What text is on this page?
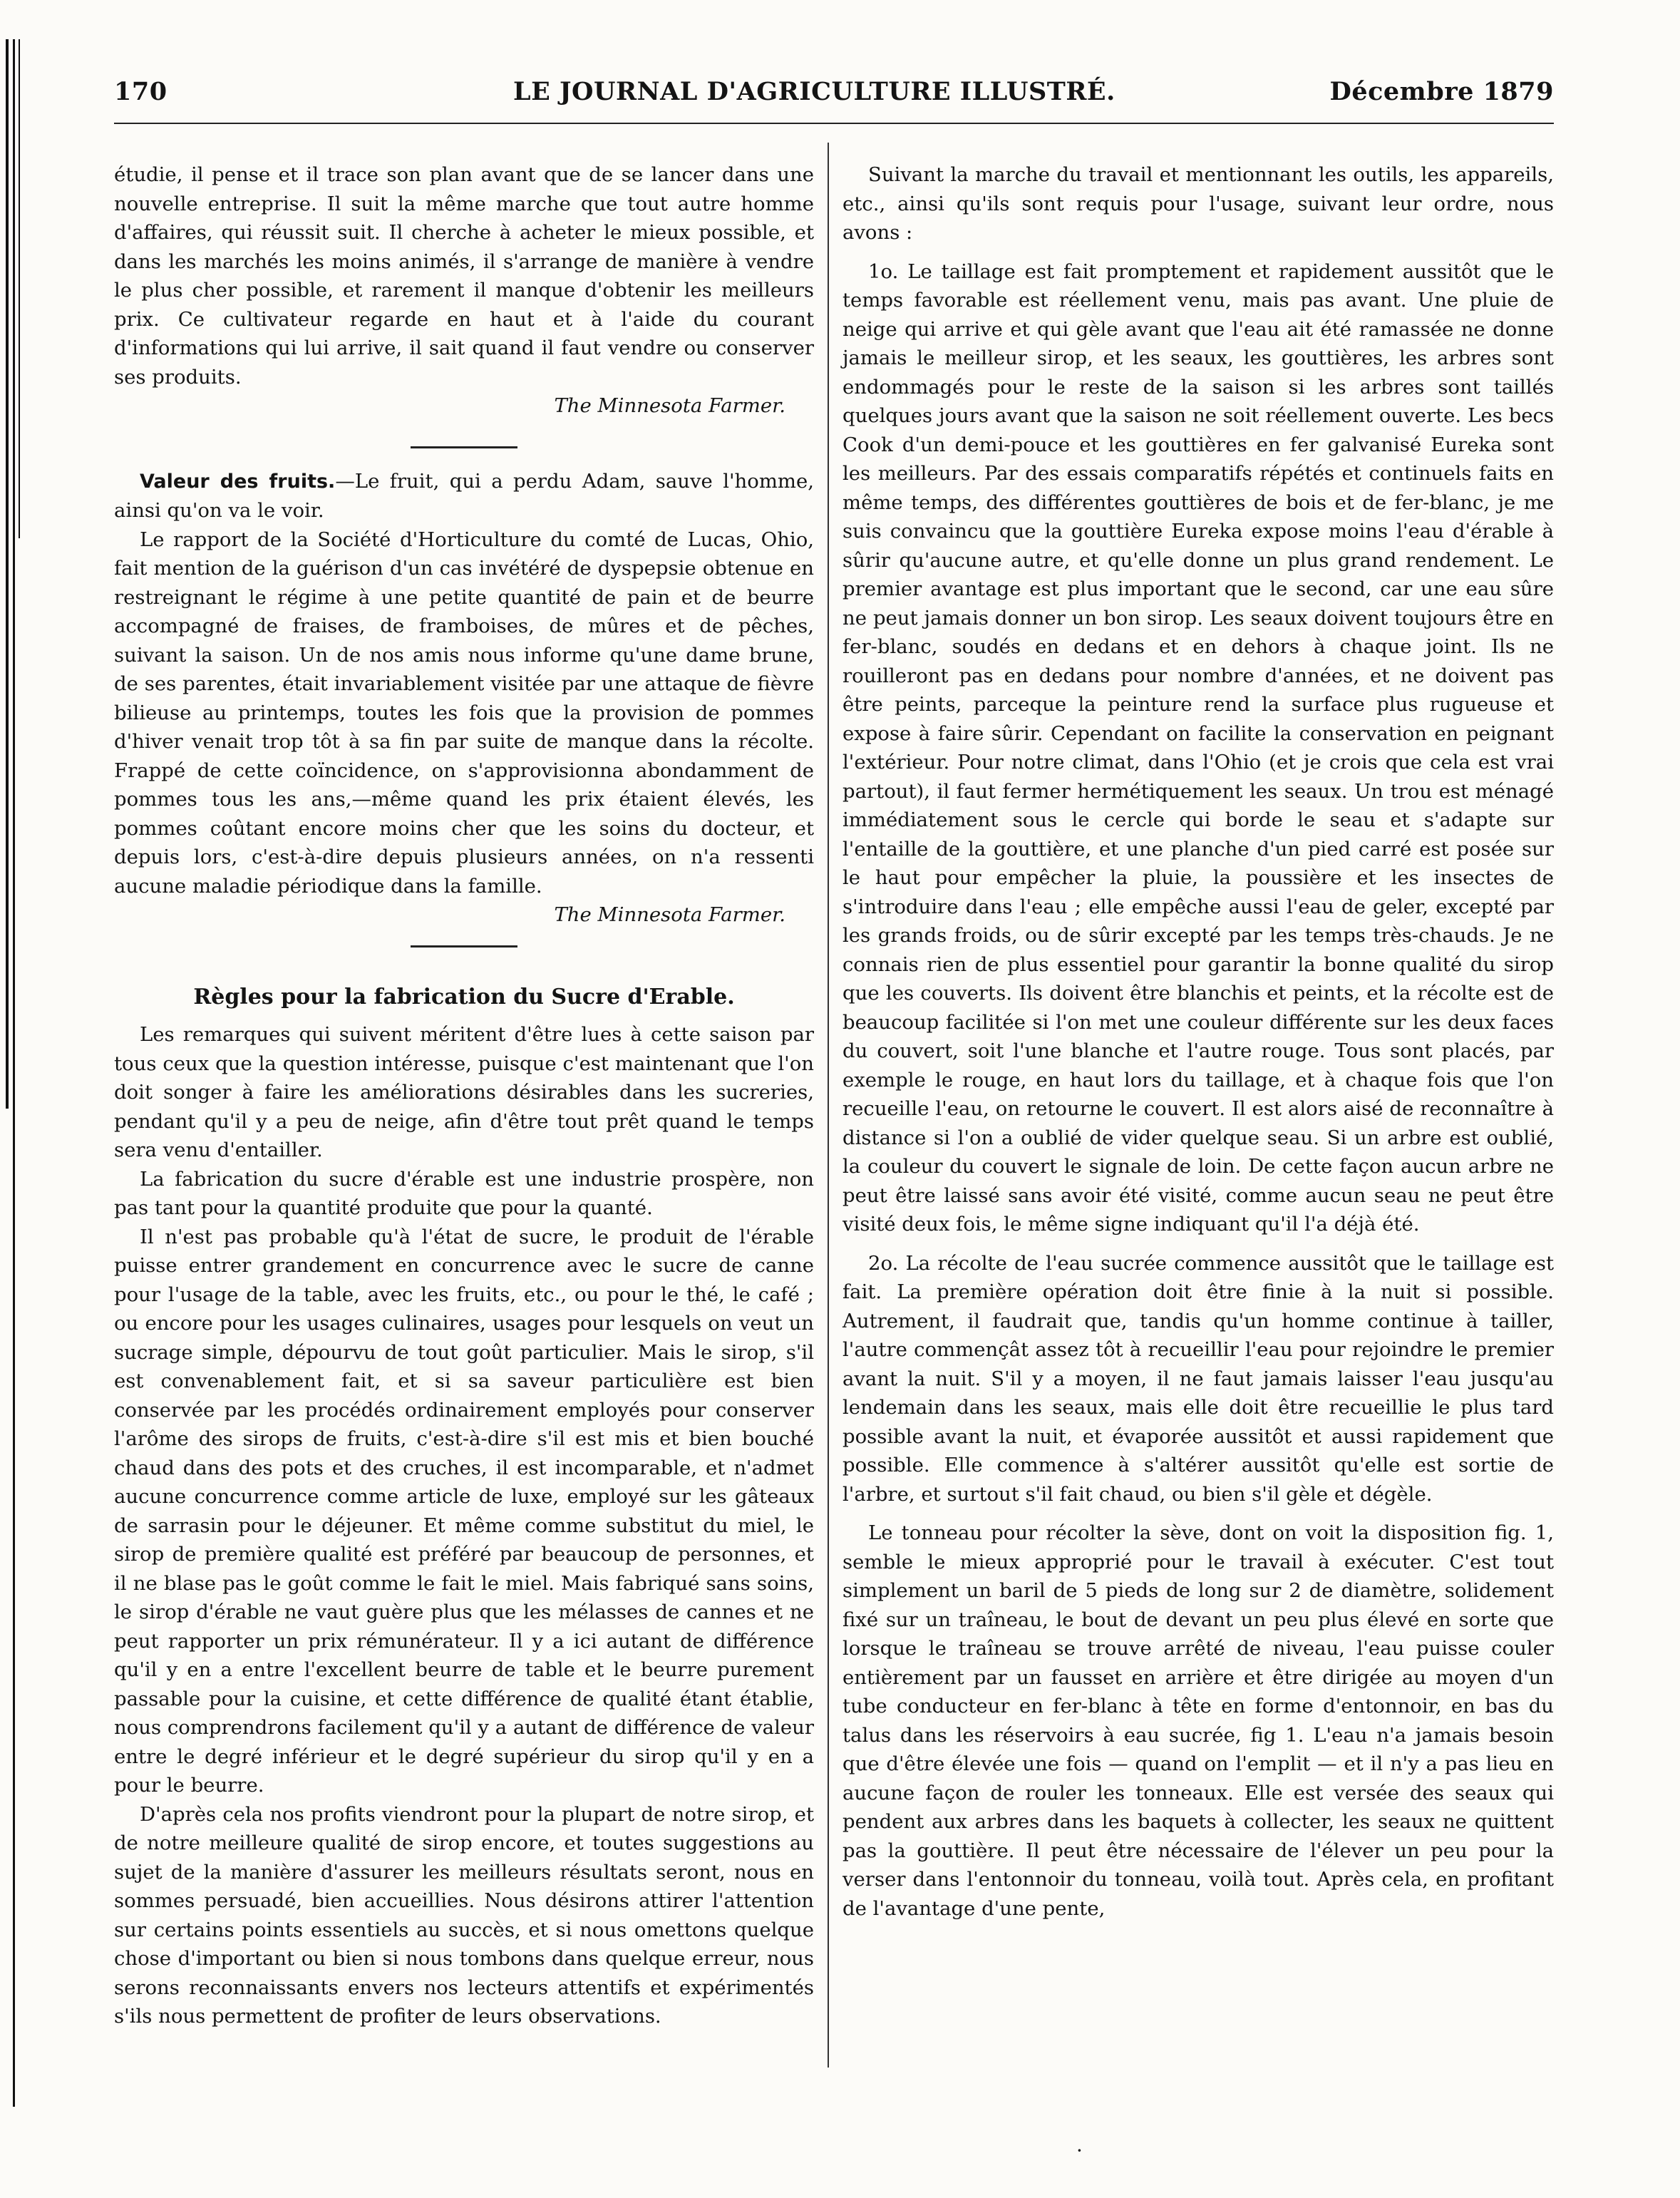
170	LE JOURNAL D'AGRICULTURE ILLUSTRÉ.	Décembre 1879

étudie, il pense et il trace son plan avant que de se lancer dans une nouvelle entreprise. Il suit la même marche que tout autre homme d'affaires, qui réussit suit. Il cherche à acheter le mieux possible, et dans les marchés les moins animés, il s'arrange de manière à vendre le plus cher possible, et rarement il manque d'obtenir les meilleurs prix. Ce cultivateur regarde en haut et à l'aide du courant d'informations qui lui arrive, il sait quand il faut vendre ou conserver ses produits.

The Minnesota Farmer.

Valeur des fruits.—Le fruit, qui a perdu Adam, sauve l'homme, ainsi qu'on va le voir.

Le rapport de la Société d'Horticulture du comté de Lucas, Ohio, fait mention de la guérison d'un cas invétéré de dyspepsie obtenue en restreignant le régime à une petite quantité de pain et de beurre accompagné de fraises, de framboises, de mûres et de pêches, suivant la saison. Un de nos amis nous informe qu'une dame brune, de ses parentes, était invariablement visitée par une attaque de fièvre bilieuse au printemps, toutes les fois que la provision de pommes d'hiver venait trop tôt à sa fin par suite de manque dans la récolte. Frappé de cette coïncidence, on s'approvisionna abondamment de pommes tous les ans,—même quand les prix étaient élevés, les pommes coûtant encore moins cher que les soins du docteur, et depuis lors, c'est-à-dire depuis plusieurs années, on n'a ressenti aucune maladie périodique dans la famille.

The Minnesota Farmer.
Règles pour la fabrication du Sucre d'Erable.

Les remarques qui suivent méritent d'être lues à cette saison par tous ceux que la question intéresse, puisque c'est maintenant que l'on doit songer à faire les améliorations désirables dans les sucreries, pendant qu'il y a peu de neige, afin d'être tout prêt quand le temps sera venu d'entailler.

La fabrication du sucre d'érable est une industrie prospère, non pas tant pour la quantité produite que pour la quanté.

Il n'est pas probable qu'à l'état de sucre, le produit de l'érable puisse entrer grandement en concurrence avec le sucre de canne pour l'usage de la table, avec les fruits, etc., ou pour le thé, le café ; ou encore pour les usages culinaires, usages pour lesquels on veut un sucrage simple, dépourvu de tout goût particulier. Mais le sirop, s'il est convenablement fait, et si sa saveur particulière est bien conservée par les procédés ordinairement employés pour conserver l'arôme des sirops de fruits, c'est-à-dire s'il est mis et bien bouché chaud dans des pots et des cruches, il est incomparable, et n'admet aucune concurrence comme article de luxe, employé sur les gâteaux de sarrasin pour le déjeuner. Et même comme substitut du miel, le sirop de première qualité est préféré par beaucoup de personnes, et il ne blase pas le goût comme le fait le miel. Mais fabriqué sans soins, le sirop d'érable ne vaut guère plus que les mélasses de cannes et ne peut rapporter un prix rémunérateur. Il y a ici autant de différence qu'il y en a entre l'excellent beurre de table et le beurre purement passable pour la cuisine, et cette différence de qualité étant établie, nous comprendrons facilement qu'il y a autant de différence de valeur entre le degré inférieur et le degré supérieur du sirop qu'il y en a pour le beurre.

D'après cela nos profits viendront pour la plupart de notre sirop, et de notre meilleure qualité de sirop encore, et toutes suggestions au sujet de la manière d'assurer les meilleurs résultats seront, nous en sommes persuadé, bien accueillies. Nous désirons attirer l'attention sur certains points essentiels au succès, et si nous omettons quelque chose d'important ou bien si nous tombons dans quelque erreur, nous serons reconnaissants envers nos lecteurs attentifs et expérimentés s'ils nous permettent de profiter de leurs observations.

Suivant la marche du travail et mentionnant les outils, les appareils, etc., ainsi qu'ils sont requis pour l'usage, suivant leur ordre, nous avons :

1o. Le taillage est fait promptement et rapidement aussitôt que le temps favorable est réellement venu, mais pas avant. Une pluie de neige qui arrive et qui gèle avant que l'eau ait été ramassée ne donne jamais le meilleur sirop, et les seaux, les gouttières, les arbres sont endommagés pour le reste de la saison si les arbres sont taillés quelques jours avant que la saison ne soit réellement ouverte. Les becs Cook d'un demi-pouce et les gouttières en fer galvanisé Eureka sont les meilleurs. Par des essais comparatifs répétés et continuels faits en même temps, des différentes gouttières de bois et de fer-blanc, je me suis convaincu que la gouttière Eureka expose moins l'eau d'érable à sûrir qu'aucune autre, et qu'elle donne un plus grand rendement. Le premier avantage est plus important que le second, car une eau sûre ne peut jamais donner un bon sirop. Les seaux doivent toujours être en fer-blanc, soudés en dedans et en dehors à chaque joint. Ils ne rouilleront pas en dedans pour nombre d'années, et ne doivent pas être peints, parceque la peinture rend la surface plus rugueuse et expose à faire sûrir. Cependant on facilite la conservation en peignant l'extérieur. Pour notre climat, dans l'Ohio (et je crois que cela est vrai partout), il faut fermer hermétiquement les seaux. Un trou est ménagé immédiatement sous le cercle qui borde le seau et s'adapte sur l'entaille de la gouttière, et une planche d'un pied carré est posée sur le haut pour empêcher la pluie, la poussière et les insectes de s'introduire dans l'eau ; elle empêche aussi l'eau de geler, excepté par les grands froids, ou de sûrir excepté par les temps très-chauds. Je ne connais rien de plus essentiel pour garantir la bonne qualité du sirop que les couverts. Ils doivent être blanchis et peints, et la récolte est de beaucoup facilitée si l'on met une couleur différente sur les deux faces du couvert, soit l'une blanche et l'autre rouge. Tous sont placés, par exemple le rouge, en haut lors du taillage, et à chaque fois que l'on recueille l'eau, on retourne le couvert. Il est alors aisé de reconnaître à distance si l'on a oublié de vider quelque seau. Si un arbre est oublié, la couleur du couvert le signale de loin. De cette façon aucun arbre ne peut être laissé sans avoir été visité, comme aucun seau ne peut être visité deux fois, le même signe indiquant qu'il l'a déjà été.

2o. La récolte de l'eau sucrée commence aussitôt que le taillage est fait. La première opération doit être finie à la nuit si possible. Autrement, il faudrait que, tandis qu'un homme continue à tailler, l'autre commençât assez tôt à recueillir l'eau pour rejoindre le premier avant la nuit. S'il y a moyen, il ne faut jamais laisser l'eau jusqu'au lendemain dans les seaux, mais elle doit être recueillie le plus tard possible avant la nuit, et évaporée aussitôt et aussi rapidement que possible. Elle commence à s'altérer aussitôt qu'elle est sortie de l'arbre, et surtout s'il fait chaud, ou bien s'il gèle et dégèle.

Le tonneau pour récolter la sève, dont on voit la disposition fig. 1, semble le mieux approprié pour le travail à exécuter. C'est tout simplement un baril de 5 pieds de long sur 2 de diamètre, solidement fixé sur un traîneau, le bout de devant un peu plus élevé en sorte que lorsque le traîneau se trouve arrêté de niveau, l'eau puisse couler entièrement par un fausset en arrière et être dirigée au moyen d'un tube conducteur en fer-blanc à tête en forme d'entonnoir, en bas du talus dans les réservoirs à eau sucrée, fig 1. L'eau n'a jamais besoin que d'être élevée une fois — quand on l'emplit — et il n'y a pas lieu en aucune façon de rouler les tonneaux. Elle est versée des seaux qui pendent aux arbres dans les baquets à collecter, les seaux ne quittent pas la gouttière. Il peut être nécessaire de l'élever un peu pour la verser dans l'entonnoir du tonneau, voilà tout. Après cela, en profitant de l'avantage d'une pente,

·
